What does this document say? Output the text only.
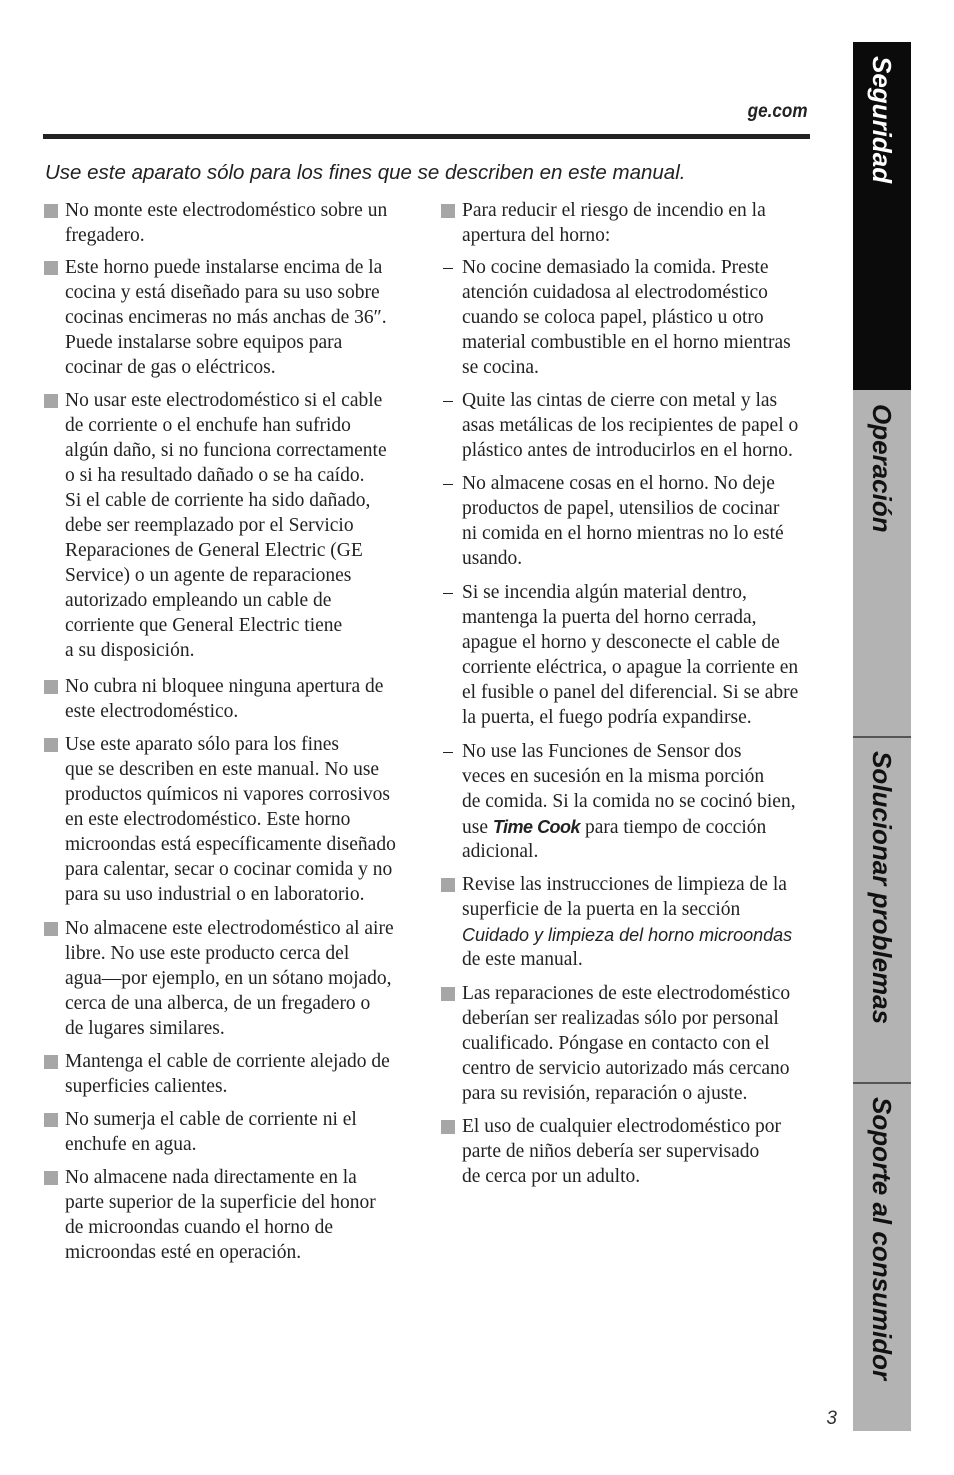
ge.com
Use este aparato sólo para los fines que se describen en este manual.
No monte este electrodoméstico sobre un
fregadero.
Este horno puede instalarse encima de la
cocina y está diseñado para su uso sobre
cocinas encimeras no más anchas de 36″.
Puede instalarse sobre equipos para
cocinar de gas o eléctricos.
No usar este electrodoméstico si el cable
de corriente o el enchufe han sufrido
algún daño, si no funciona correctamente
o si ha resultado dañado o se ha caído.
Si el cable de corriente ha sido dañado,
debe ser reemplazado por el Servicio
Reparaciones de General Electric (GE
Service) o un agente de reparaciones
autorizado empleando un cable de
corriente que General Electric tiene
a su disposición.
No cubra ni bloquee ninguna apertura de
este electrodoméstico.
Use este aparato sólo para los fines
que se describen en este manual. No use
productos químicos ni vapores corrosivos
en este electrodoméstico. Este horno
microondas está específicamente diseñado
para calentar, secar o cocinar comida y no
para su uso industrial o en laboratorio.
No almacene este electrodoméstico al aire
libre. No use este producto cerca del
agua—por ejemplo, en un sótano mojado,
cerca de una alberca, de un fregadero o
de lugares similares.
Mantenga el cable de corriente alejado de
superficies calientes.
No sumerja el cable de corriente ni el
enchufe en agua.
No almacene nada directamente en la
parte superior de la superficie del honor
de microondas cuando el horno de
microondas esté en operación.
Para reducir el riesgo de incendio en la
apertura del horno:
– No cocine demasiado la comida. Preste
atención cuidadosa al electrodoméstico
cuando se coloca papel, plástico u otro
material combustible en el horno mientras
se cocina.
– Quite las cintas de cierre con metal y las
asas metálicas de los recipientes de papel o
plástico antes de introducirlos en el horno.
– No almacene cosas en el horno. No deje
productos de papel, utensilios de cocinar
ni comida en el horno mientras no lo esté
usando.
– Si se incendia algún material dentro,
mantenga la puerta del horno cerrada,
apague el horno y desconecte el cable de
corriente eléctrica, o apague la corriente en
el fusible o panel del diferencial. Si se abre
la puerta, el fuego podría expandirse.
– No use las Funciones de Sensor dos
veces en sucesión en la misma porción
de comida. Si la comida no se cocinó bien,
use Time Cook para tiempo de cocción
adicional.
Revise las instrucciones de limpieza de la
superficie de la puerta en la sección
Cuidado y limpieza del horno microondas
de este manual.
Las reparaciones de este electrodoméstico
deberían ser realizadas sólo por personal
cualificado. Póngase en contacto con el
centro de servicio autorizado más cercano
para su revisión, reparación o ajuste.
El uso de cualquier electrodoméstico por
parte de niños debería ser supervisado
de cerca por un adulto.
Seguridad
Operación
Solucionar problemas
Soporte al consumidor
3
